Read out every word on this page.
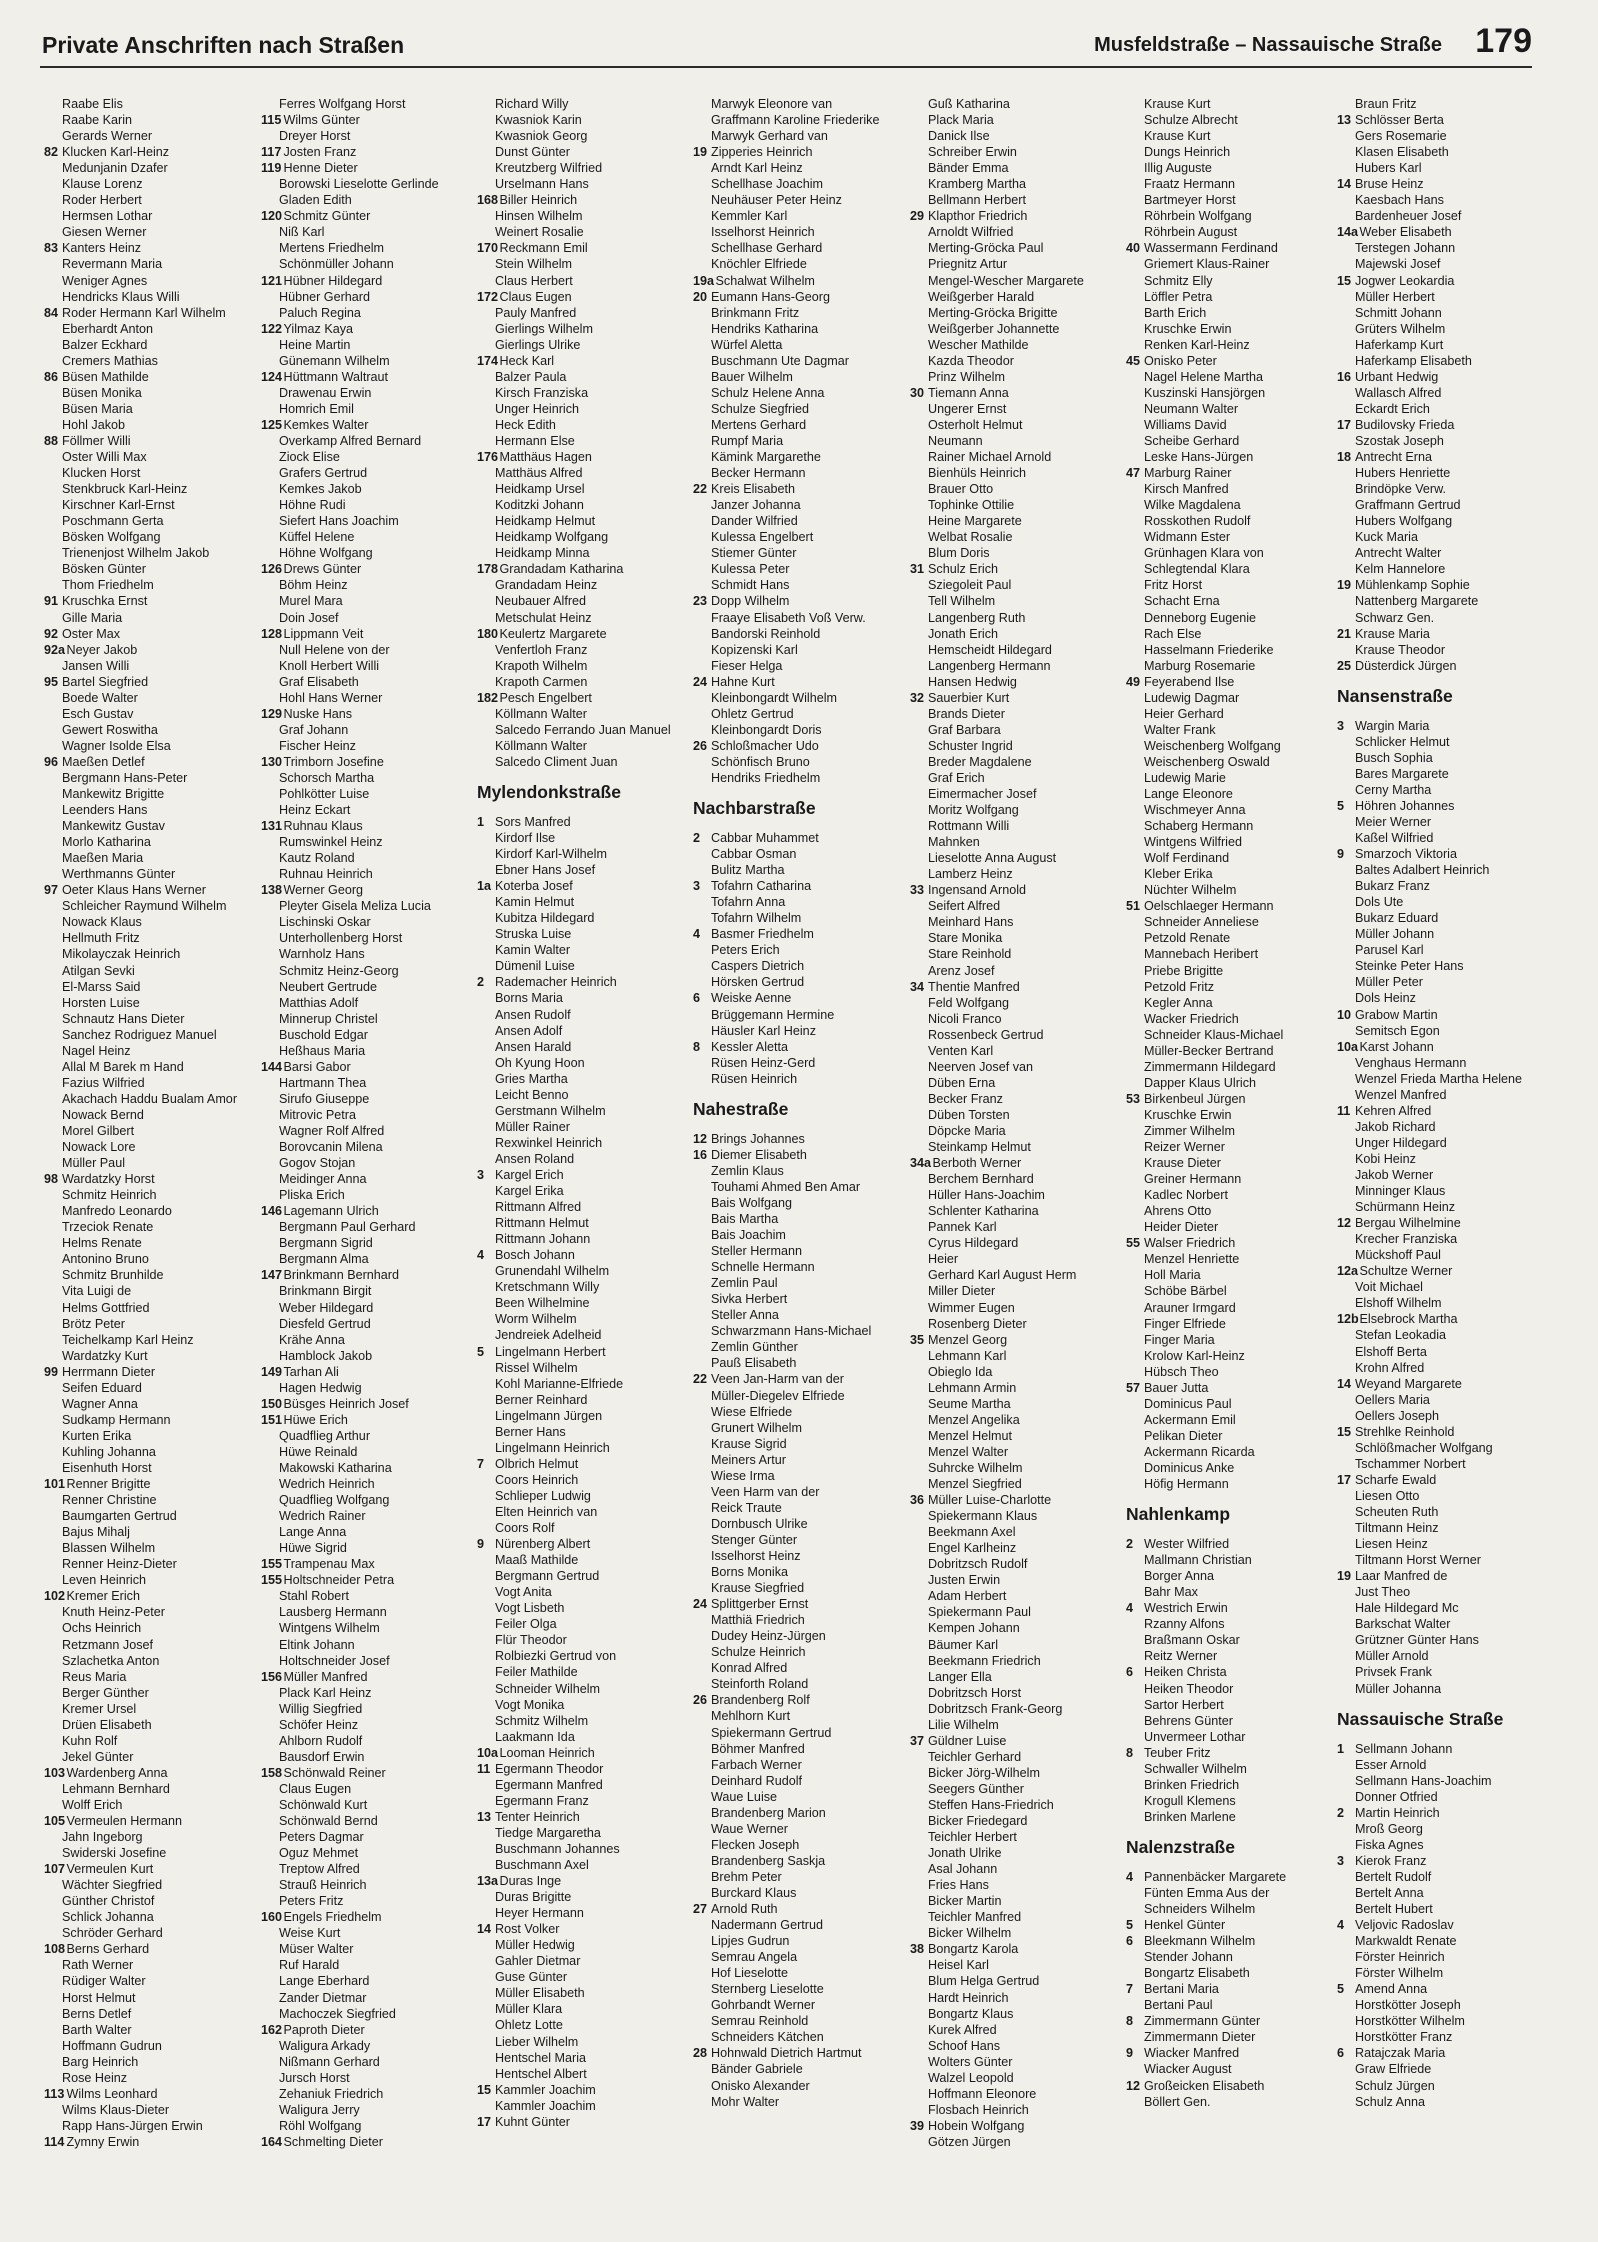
Private Anschriften nach Straßen	Musfeldstraße – Nassauische Straße 179
Raabe Elis
Raabe Karin
Gerards Werner
82 Klucken Karl-Heinz
Medunjanin Dzafer
Klause Lorenz
Roder Herbert
Hermsen Lothar
Giesen Werner
83 Kanters Heinz
Revermann Maria
Weniger Agnes
Hendricks Klaus Willi
84 Roder Hermann Karl Wilhelm
Eberhardt Anton
Balzer Eckhard
Cremers Mathias
86 Büsen Mathilde
Büsen Monika
Büsen Maria
Hohl Jakob
88 Föllmer Willi
Oster Willi Max
Klucken Horst
Stenkbruck Karl-Heinz
Kirschner Karl-Ernst
Poschmann Gerta
Bösken Wolfgang
Trienenjost Wilhelm Jakob
Bösken Günter
Thom Friedhelm
91 Kruschka Ernst
Gille Maria
92 Oster Max
92a Neyer Jakob
Jansen Willi
95 Bartel Siegfried
Boede Walter
Esch Gustav
Gewert Roswitha
Wagner Isolde Elsa
96 Maeßen Detlef
Bergmann Hans-Peter
Mankewitz Brigitte
Leenders Hans
Mankewitz Gustav
Morlo Katharina
Maeßen Maria
Werthmanns Günter
97 Oeter Klaus Hans Werner
Schleicher Raymund Wilhelm
Nowack Klaus
Hellmuth Fritz
Mikolayczak Heinrich
Atilgan Sevki
El-Marss Said
Horsten Luise
Schnautz Hans Dieter
Sanchez Rodriguez Manuel
Nagel Heinz
Allal M Barek m Hand
Fazius Wilfried
Akachach Haddu Bualam Amor
Nowack Bernd
Morel Gilbert
Nowack Lore
Müller Paul
98 Wardatzky Horst
Schmitz Heinrich
Manfredo Leonardo
Trzeciok Renate
Helms Renate
Antonino Bruno
Schmitz Brunhilde
Vita Luigi de
Helms Gottfried
Brötz Peter
Teichelkamp Karl Heinz
Wardatzky Kurt
99 Herrmann Dieter
Seifen Eduard
Wagner Anna
Sudkamp Hermann
Kurten Erika
Kuhling Johanna
Eisenhuth Horst
101 Renner Brigitte
Renner Christine
Baumgarten Gertrud
Bajus Mihalj
Blassen Wilhelm
Renner Heinz-Dieter
Leven Heinrich
102 Kremer Erich
Knuth Heinz-Peter
Ochs Heinrich
Retzmann Josef
Szlachetka Anton
Reus Maria
Berger Günther
Kremer Ursel
Drüen Elisabeth
Kuhn Rolf
Jekel Günter
103 Wardenberg Anna
Lehmann Bernhard
Wolff Erich
105 Vermeulen Hermann
Jahn Ingeborg
Swiderski Josefine
107 Vermeulen Kurt
Wächter Siegfried
Günther Christof
Schlick Johanna
Schröder Gerhard
108 Berns Gerhard
Rath Werner
Rüdiger Walter
Horst Helmut
Berns Detlef
Barth Walter
Hoffmann Gudrun
Barg Heinrich
Rose Heinz
113 Wilms Leonhard
Wilms Klaus-Dieter
Rapp Hans-Jürgen Erwin
114 Zymny Erwin
Ferres Wolfgang Horst
115 Wilms Günter
Dreyer Horst
117 Josten Franz
119 Henne Dieter
Borowski Lieselotte Gerlinde
Gladen Edith
120 Schmitz Günter
Niß Karl
Mertens Friedhelm
Schönmüller Johann
121 Hübner Hildegard
Hübner Gerhard
Paluch Regina
122 Yilmaz Kaya
Heine Martin
Günemann Wilhelm
124 Hüttmann Waltraut
Drawenau Erwin
Homrich Emil
125 Kemkes Walter
Overkamp Alfred Bernard
Ziock Elise
Grafers Gertrud
Kemkes Jakob
Höhne Rudi
Siefert Hans Joachim
Küffel Helene
Höhne Wolfgang
126 Drews Günter
Böhm Heinz
Murel Mara
Doin Josef
128 Lippmann Veit
Null Helene von der
Knoll Herbert Willi
Graf Elisabeth
Hohl Hans Werner
129 Nuske Hans
Graf Johann
Fischer Heinz
130 Trimborn Josefine
Schorsch Martha
Pohlkötter Luise
Heinz Eckart
131 Ruhnau Klaus
Rumswinkel Heinz
Kautz Roland
Ruhnau Heinrich
138 Werner Georg
Pleyter Gisela Meliza Lucia
Lischinski Oskar
Unterhollenberg Horst
Warnholz Hans
Schmitz Heinz-Georg
Neubert Gertrude
Matthias Adolf
Minnerup Christel
Buschold Edgar
Heßhaus Maria
144 Barsi Gabor
Hartmann Thea
Sirufo Giuseppe
Mitrovic Petra
Wagner Rolf Alfred
Borovcanin Milena
Gogov Stojan
Meidinger Anna
Pliska Erich
146 Lagemann Ulrich
Bergmann Paul Gerhard
Bergmann Sigrid
Bergmann Alma
147 Brinkmann Bernhard
Brinkmann Birgit
Weber Hildegard
Diesfeld Gertrud
Krähe Anna
Hamblock Jakob
149 Tarhan Ali
Hagen Hedwig
150 Büsges Heinrich Josef
151 Hüwe Erich
Quadflieg Arthur
Hüwe Reinald
Makowski Katharina
Wedrich Heinrich
Quadflieg Wolfgang
Wedrich Rainer
Lange Anna
Hüwe Sigrid
155 Trampenau Max
155 Holtschneider Petra
Stahl Robert
Lausberg Hermann
Wintgens Wilhelm
Eltink Johann
Holtschneider Josef
156 Müller Manfred
Plack Karl Heinz
Willig Siegfried
Schöfer Heinz
Ahlborn Rudolf
Bausdorf Erwin
158 Schönwald Reiner
Claus Eugen
Schönwald Kurt
Schönwald Bernd
Peters Dagmar
Oguz Mehmet
Treptow Alfred
Strauß Heinrich
Peters Fritz
160 Engels Friedhelm
Weise Kurt
Müser Walter
Ruf Harald
Lange Eberhard
Zander Dietmar
Machoczek Siegfried
162 Paproth Dieter
Waligura Arkady
Nißmann Gerhard
Jursch Horst
Zehaniuk Friedrich
Waligura Jerry
Röhl Wolfgang
164 Schmelting Dieter
Richard Willy
Kwasniok Karin
Kwasniok Georg
Dunst Günter
Kreutzberg Wilfried
Urselmann Hans
168 Biller Heinrich
Hinsen Wilhelm
Weinert Rosalie
170 Reckmann Emil
Stein Wilhelm
Claus Herbert
172 Claus Eugen
Pauly Manfred
Gierlings Wilhelm
Gierlings Ulrike
174 Heck Karl
Balzer Paula
Kirsch Franziska
Unger Heinrich
Heck Edith
Hermann Else
176 Matthäus Hagen
Matthäus Alfred
Heidkamp Ursel
Koditzki Johann
Heidkamp Helmut
Heidkamp Wolfgang
Heidkamp Minna
178 Grandadam Katharina
Grandadam Heinz
Neubauer Alfred
Metschulat Heinz
180 Keulertz Margarete
Venfertloh Franz
Krapoth Wilhelm
Krapoth Carmen
182 Pesch Engelbert
Köllmann Walter
Salcedo Ferrando Juan Manuel
Köllmann Walter
Salcedo Climent Juan
Mylendonkstraße
1 Sors Manfred
Kirdorf Ilse
Kirdorf Karl-Wilhelm
Ebner Hans Josef
1a Koterba Josef
Kamin Helmut
Kubitza Hildegard
Struska Luise
Kamin Walter
Dümenil Luise
2 Rademacher Heinrich
Borns Maria
Ansen Rudolf
Ansen Adolf
Ansen Harald
Oh Kyung Hoon
Gries Martha
Leicht Benno
Gerstmann Wilhelm
Müller Rainer
Rexwinkel Heinrich
Ansen Roland
3 Kargel Erich
Kargel Erika
Rittmann Alfred
Rittmann Helmut
Rittmann Johann
4 Bosch Johann
Grunendahl Wilhelm
Kretschmann Willy
Been Wilhelmine
Worm Wilhelm
Jendreiek Adelheid
5 Lingelmann Herbert
Rissel Wilhelm
Kohl Marianne-Elfriede
Berner Reinhard
Lingelmann Jürgen
Berner Hans
Lingelmann Heinrich
7 Olbrich Helmut
Coors Heinrich
Schlieper Ludwig
Elten Heinrich van
Coors Rolf
9 Nürenberg Albert
Maaß Mathilde
Bergmann Gertrud
Vogt Anita
Vogt Lisbeth
Feiler Olga
Flür Theodor
Rolbiezki Gertrud von
Feiler Mathilde
Schneider Wilhelm
Vogt Monika
Schmitz Wilhelm
Laakmann Ida
10a Looman Heinrich
11 Egermann Theodor
Egermann Manfred
Egermann Franz
13 Tenter Heinrich
Tiedge Margaretha
Buschmann Johannes
Buschmann Axel
13a Duras Inge
Duras Brigitte
Heyer Hermann
14 Rost Volker
Müller Hedwig
Gahler Dietmar
Guse Günter
Müller Elisabeth
Müller Klara
Ohletz Lotte
Lieber Wilhelm
Hentschel Maria
Hentschel Albert
15 Kammler Joachim
Kammler Joachim
17 Kuhnt Günter
Marwyk Eleonore van
Graffmann Karoline Friederike
Marwyk Gerhard van
19 Zipperies Heinrich
Arndt Karl Heinz
Schellhase Joachim
Neuhäuser Peter Heinz
Kemmler Karl
Isselhorst Heinrich
Schellhase Gerhard
Knöchler Elfriede
19a Schalwat Wilhelm
20 Eumann Hans-Georg
Brinkmann Fritz
Hendriks Katharina
Würfel Aletta
Buschmann Ute Dagmar
Bauer Wilhelm
Schulz Helene Anna
Schulze Siegfried
Mertens Gerhard
Rumpf Maria
Kämink Margarethe
Becker Hermann
22 Kreis Elisabeth
Janzer Johanna
Dander Wilfried
Kulessa Engelbert
Stiemer Günter
Kulessa Peter
Schmidt Hans
23 Dopp Wilhelm
Fraaye Elisabeth Voß Verw.
Bandorski Reinhold
Kopizenski Karl
Fieser Helga
24 Hahne Kurt
Kleinbongardt Wilhelm
Ohletz Gertrud
Kleinbongardt Doris
26 Schloßmacher Udo
Schönfisch Bruno
Hendriks Friedhelm
Nachbarstraße
2 Cabbar Muhammet
Cabbar Osman
Bulitz Martha
3 Tofahrn Catharina
Tofahrn Anna
Tofahrn Wilhelm
4 Basmer Friedhelm
Peters Erich
Caspers Dietrich
Hörsken Gertrud
6 Weiske Aenne
Brüggemann Hermine
Häusler Karl Heinz
8 Kessler Aletta
Rüsen Heinz-Gerd
Rüsen Heinrich
Nahestraße
12 Brings Johannes
16 Diemer Elisabeth
Zemlin Klaus
Touhami Ahmed Ben Amar
Bais Wolfgang
Bais Martha
Bais Joachim
Steller Hermann
Schnelle Hermann
Zemlin Paul
Sivka Herbert
Steller Anna
Schwarzmann Hans-Michael
Zemlin Günther
Pauß Elisabeth
22 Veen Jan-Harm van der
Müller-Diegelev Elfriede
Wiese Elfriede
Grunert Wilhelm
Krause Sigrid
Meiners Artur
Wiese Irma
Veen Harm van der
Reick Traute
Dornbusch Ulrike
Stenger Günter
Isselhorst Heinz
Borns Monika
Krause Siegfried
24 Splittgerber Ernst
Matthiä Friedrich
Dudey Heinz-Jürgen
Schulze Heinrich
Konrad Alfred
Steinforth Roland
26 Brandenberg Rolf
Mehlhorn Kurt
Spiekermann Gertrud
Böhmer Manfred
Farbach Werner
Deinhard Rudolf
Waue Luise
Brandenberg Marion
Waue Werner
Flecken Joseph
Brandenberg Saskja
Brehm Peter
Burckard Klaus
27 Arnold Ruth
Nadermann Gertrud
Lipjes Gudrun
Semrau Angela
Hof Lieselotte
Sternberg Lieselotte
Gohrbandt Werner
Semrau Reinhold
Schneiders Kätchen
28 Hohnwald Dietrich Hartmut
Bänder Gabriele
Onisko Alexander
Mohr Walter
Guß Katharina
Plack Maria
Danick Ilse
Schreiber Erwin
Bänder Emma
Kramberg Martha
Bellmann Herbert
29 Klapthor Friedrich
Arnoldt Wilfried
Merting-Gröcka Paul
Priegnitz Artur
Mengel-Wescher Margarete
Weißgerber Harald
Merting-Gröcka Brigitte
Weißgerber Johannette
Wescher Mathilde
Kazda Theodor
Prinz Wilhelm
30 Tiemann Anna
Ungerer Ernst
Osterholt Helmut
Neumann
Rainer Michael Arnold
Bienhüls Heinrich
Brauer Otto
Tophinke Ottilie
Heine Margarete
Welbat Rosalie
Blum Doris
31 Schulz Erich
Sziegoleit Paul
Tell Wilhelm
Langenberg Ruth
Jonath Erich
Hemscheidt Hildegard
Langenberg Hermann
Hansen Hedwig
32 Sauerbier Kurt
Brands Dieter
Graf Barbara
Schuster Ingrid
Breder Magdalene
Graf Erich
Eimermacher Josef
Moritz Wolfgang
Rottmann Willi
Mahnken
Lieselotte Anna August
Lamberz Heinz
33 Ingensand Arnold
Seifert Alfred
Meinhard Hans
Stare Monika
Stare Reinhold
Arenz Josef
34 Thentie Manfred
Feld Wolfgang
Nicoli Franco
Rossenbeck Gertrud
Venten Karl
Neerven Josef van
Düben Erna
Becker Franz
Düben Torsten
Döpcke Maria
Steinkamp Helmut
34a Berboth Werner
Berchem Bernhard
Hüller Hans-Joachim
Schlenter Katharina
Pannek Karl
Cyrus Hildegard
Heier
Gerhard Karl August Herm
Miller Dieter
Wimmer Eugen
Rosenberg Dieter
35 Menzel Georg
Lehmann Karl
Obieglo Ida
Lehmann Armin
Seume Martha
Menzel Angelika
Menzel Helmut
Menzel Walter
Suhrcke Wilhelm
Menzel Siegfried
36 Müller Luise-Charlotte
Spiekermann Klaus
Beekmann Axel
Engel Karlheinz
Dobritzsch Rudolf
Justen Erwin
Adam Herbert
Spiekermann Paul
Kempen Johann
Bäumer Karl
Beekmann Friedrich
Langer Ella
Dobritzsch Horst
Dobritzsch Frank-Georg
Lilie Wilhelm
37 Güldner Luise
Teichler Gerhard
Bicker Jörg-Wilhelm
Seegers Günther
Steffen Hans-Friedrich
Bicker Friedegard
Teichler Herbert
Jonath Ulrike
Asal Johann
Fries Hans
Bicker Martin
Teichler Manfred
Bicker Wilhelm
38 Bongartz Karola
Heisel Karl
Blum Helga Gertrud
Hardt Heinrich
Bongartz Klaus
Kurek Alfred
Schoof Hans
Wolters Günter
Walzel Leopold
Hoffmann Eleonore
Flosbach Heinrich
39 Hobein Wolfgang
Götzen Jürgen
Krause Kurt
Schulze Albrecht
Krause Kurt
Dungs Heinrich
Illig Auguste
Fraatz Hermann
Bartmeyer Horst
Röhrbein Wolfgang
Röhrbein August
40 Wassermann Ferdinand
Griemert Klaus-Rainer
Schmitz Elly
Löffler Petra
Barth Erich
Kruschke Erwin
Renken Karl-Heinz
45 Onisko Peter
Nagel Helene Martha
Kuszinski Hansjörgen
Neumann Walter
Williams David
Scheibe Gerhard
Leske Hans-Jürgen
47 Marburg Rainer
Kirsch Manfred
Wilke Magdalena
Rosskothen Rudolf
Widmann Ester
Grünhagen Klara von
Schlegtendal Klara
Fritz Horst
Schacht Erna
Denneborg Eugenie
Rach Else
Hasselmann Friederike
Marburg Rosemarie
49 Feyerabend Ilse
Ludewig Dagmar
Heier Gerhard
Walter Frank
Weischenberg Wolfgang
Weischenberg Oswald
Ludewig Marie
Lange Eleonore
Wischmeyer Anna
Schaberg Hermann
Wintgens Wilfried
Wolf Ferdinand
Kleber Erika
Nüchter Wilhelm
51 Oelschlaeger Hermann
Schneider Anneliese
Petzold Renate
Mannebach Heribert
Priebe Brigitte
Petzold Fritz
Kegler Anna
Wacker Friedrich
Schneider Klaus-Michael
Müller-Becker Bertrand
Zimmermann Hildegard
Dapper Klaus Ulrich
53 Birkenbeul Jürgen
Kruschke Erwin
Zimmer Wilhelm
Reizer Werner
Krause Dieter
Greiner Hermann
Kadlec Norbert
Ahrens Otto
Heider Dieter
55 Walser Friedrich
Menzel Henriette
Holl Maria
Schöbe Bärbel
Arauner Irmgard
Finger Elfriede
Finger Maria
Krolow Karl-Heinz
Hübsch Theo
57 Bauer Jutta
Dominicus Paul
Ackermann Emil
Pelikan Dieter
Ackermann Ricarda
Dominicus Anke
Höfig Hermann
Nahlenkamp
2 Wester Wilfried
Mallmann Christian
Borger Anna
Bahr Max
4 Westrich Erwin
Rzanny Alfons
Braßmann Oskar
Reitz Werner
6 Heiken Christa
Heiken Theodor
Sartor Herbert
Behrens Günter
Unvermeer Lothar
8 Teuber Fritz
Schwaller Wilhelm
Brinken Friedrich
Krogull Klemens
Brinken Marlene
Nalenzstraße
4 Pannenbäcker Margarete
Fünten Emma Aus der
Schneiders Wilhelm
5 Henkel Günter
6 Bleekmann Wilhelm
Stender Johann
Bongartz Elisabeth
7 Bertani Maria
Bertani Paul
8 Zimmermann Günter
Zimmermann Dieter
9 Wiacker Manfred
Wiacker August
12 Großeicken Elisabeth
Böllert Gen.
Braun Fritz
13 Schlösser Berta
Gers Rosemarie
Klasen Elisabeth
Hubers Karl
14 Bruse Heinz
Kaesbach Hans
Bardenheuer Josef
14a Weber Elisabeth
Terstegen Johann
Majewski Josef
15 Jogwer Leokardia
Müller Herbert
Schmitt Johann
Grüters Wilhelm
Haferkamp Kurt
Haferkamp Elisabeth
16 Urbant Hedwig
Wallasch Alfred
Eckardt Erich
17 Budilovsky Frieda
Szostak Joseph
18 Antrecht Erna
Hubers Henriette
Brindöpke Verw.
Graffmann Gertrud
Hubers Wolfgang
Kuck Maria
Antrecht Walter
Kelm Hannelore
19 Mühlenkamp Sophie
Nattenberg Margarete
Schwarz Gen.
21 Krause Maria
Krause Theodor
25 Düsterdick Jürgen
Nansenstraße
3 Wargin Maria
Schlicker Helmut
Busch Sophia
Bares Margarete
Cerny Martha
5 Höhren Johannes
Meier Werner
Kaßel Wilfried
9 Smarzoch Viktoria
Baltes Adalbert Heinrich
Bukarz Franz
Dols Ute
Bukarz Eduard
Müller Johann
Parusel Karl
Steinke Peter Hans
Müller Peter
Dols Heinz
10 Grabow Martin
Semitsch Egon
10a Karst Johann
Venghaus Hermann
Wenzel Frieda Martha Helene
Wenzel Manfred
11 Kehren Alfred
Jakob Richard
Unger Hildegard
Kobi Heinz
Jakob Werner
Minninger Klaus
Schürmann Heinz
12 Bergau Wilhelmine
Krecher Franziska
Mückshoff Paul
12a Schultze Werner
Voit Michael
Elshoff Wilhelm
12b Elsebrock Martha
Stefan Leokadia
Elshoff Berta
Krohn Alfred
14 Weyand Margarete
Oellers Maria
Oellers Joseph
15 Strehlke Reinhold
Schlößmacher Wolfgang
Tschammer Norbert
17 Scharfe Ewald
Liesen Otto
Scheuten Ruth
Tiltmann Heinz
Liesen Heinz
Tiltmann Horst Werner
19 Laar Manfred de
Just Theo
Hale Hildegard Mc
Barkschat Walter
Grützner Günter Hans
Müller Arnold
Privsek Frank
Müller Johanna
Nassauische Straße
1 Sellmann Johann
Esser Arnold
Sellmann Hans-Joachim
Donner Otfried
2 Martin Heinrich
Mroß Georg
Fiska Agnes
3 Kierok Franz
Bertelt Rudolf
Bertelt Anna
Bertelt Hubert
4 Veljovic Radoslav
Markwaldt Renate
Förster Heinrich
Förster Wilhelm
5 Amend Anna
Horstkötter Joseph
Horstkötter Wilhelm
Horstkötter Franz
6 Ratajczak Maria
Graw Elfriede
Schulz Jürgen
Schulz Anna
